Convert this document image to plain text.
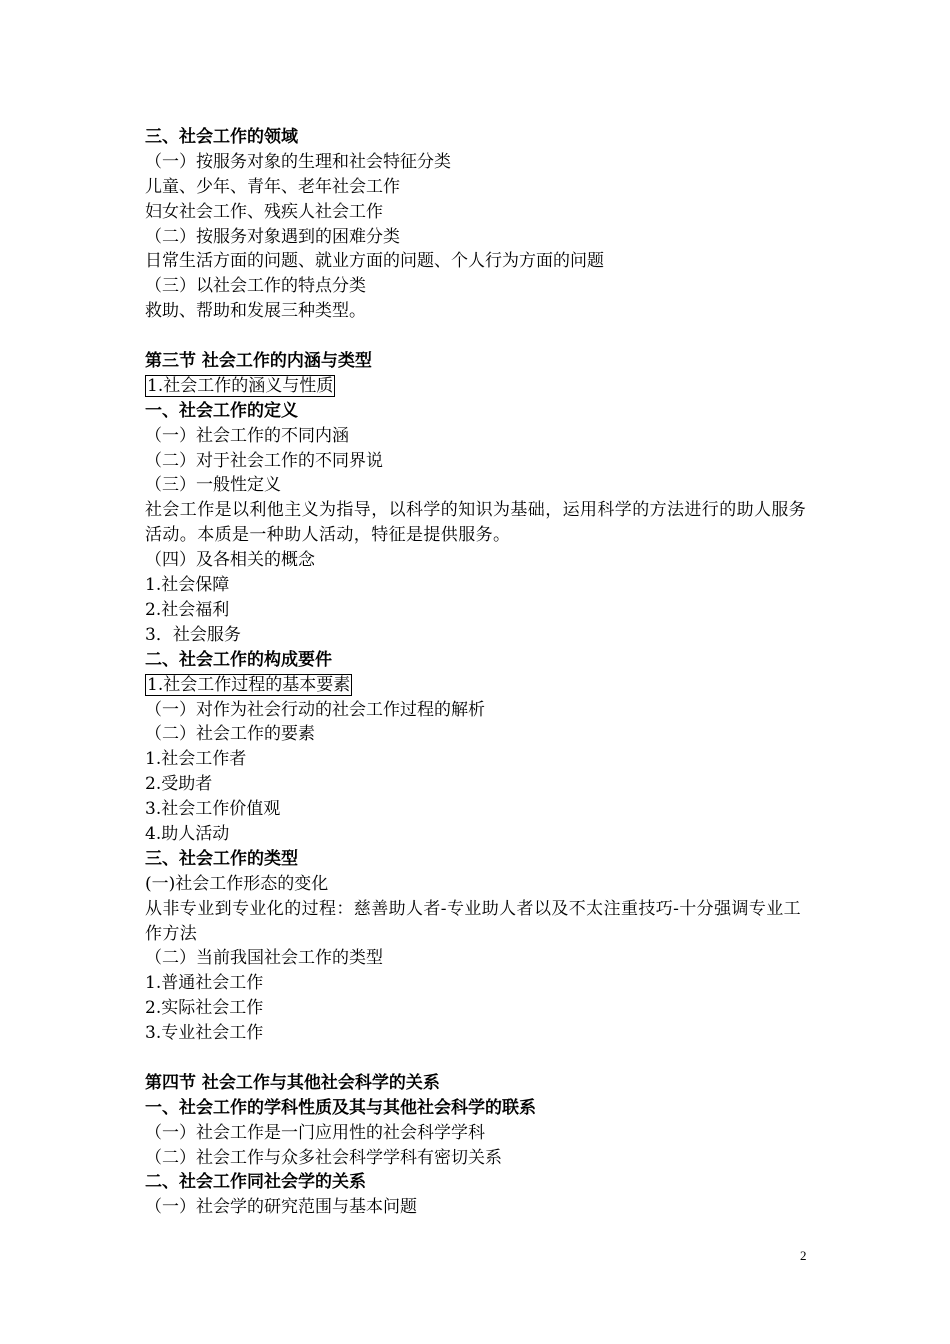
三、社会工作的领域
（一）按服务对象的生理和社会特征分类
儿童、少年、青年、老年社会工作
妇女社会工作、残疾人社会工作
（二）按服务对象遇到的困难分类
日常生活方面的问题、就业方面的问题、个人行为方面的问题
（三）以社会工作的特点分类
救助、帮助和发展三种类型。
第三节 社会工作的内涵与类型
1.社会工作的涵义与性质
一、社会工作的定义
（一）社会工作的不同内涵
（二）对于社会工作的不同界说
（三）一般性定义
社会工作是以利他主义为指导，以科学的知识为基础，运用科学的方法进行的助人服务活动。本质是一种助人活动，特征是提供服务。
（四）及各相关的概念
1.社会保障
2.社会福利
3．社会服务
二、社会工作的构成要件
1.社会工作过程的基本要素
（一）对作为社会行动的社会工作过程的解析
（二）社会工作的要素
1.社会工作者
2.受助者
3.社会工作价值观
4.助人活动
三、社会工作的类型
(一)社会工作形态的变化
从非专业到专业化的过程：慈善助人者-专业助人者以及不太注重技巧-十分强调专业工作方法
（二）当前我国社会工作的类型
1.普通社会工作
2.实际社会工作
3.专业社会工作
第四节 社会工作与其他社会科学的关系
一、社会工作的学科性质及其与其他社会科学的联系
（一）社会工作是一门应用性的社会科学学科
（二）社会工作与众多社会科学学科有密切关系
二、社会工作同社会学的关系
（一）社会学的研究范围与基本问题
2
